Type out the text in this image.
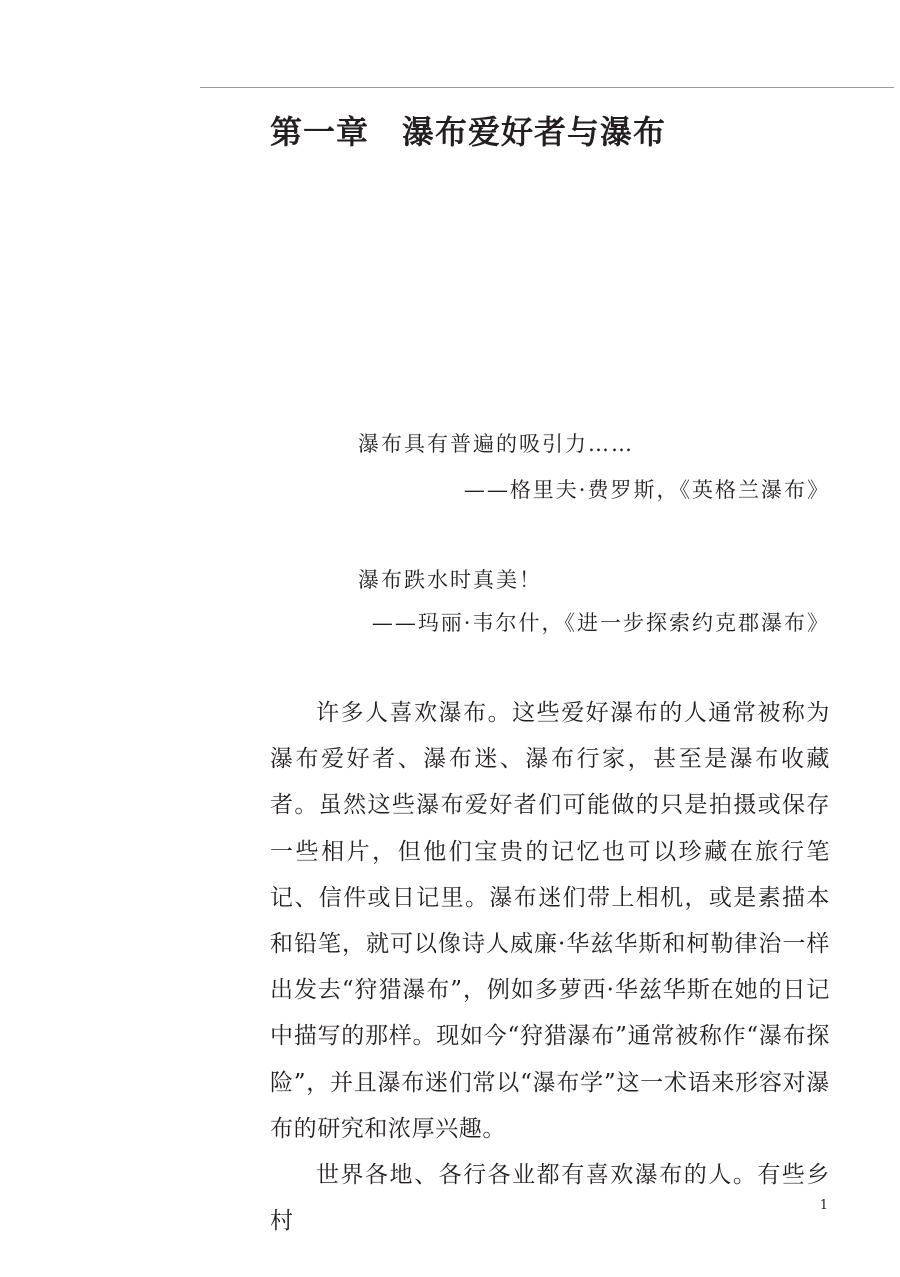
第一章　瀑布爱好者与瀑布

瀑布具有普遍的吸引力……

——格里夫·费罗斯，《英格兰瀑布》

瀑布跌水时真美！

——玛丽·韦尔什，《进一步探索约克郡瀑布》

许多人喜欢瀑布。这些爱好瀑布的人通常被称为瀑布爱好者、瀑布迷、瀑布行家，甚至是瀑布收藏者。虽然这些瀑布爱好者们可能做的只是拍摄或保存一些相片，但他们宝贵的记忆也可以珍藏在旅行笔记、信件或日记里。瀑布迷们带上相机，或是素描本和铅笔，就可以像诗人威廉·华兹华斯和柯勒律治一样出发去“狩猎瀑布”，例如多萝西·华兹华斯在她的日记中描写的那样。现如今“狩猎瀑布”通常被称作“瀑布探险”，并且瀑布迷们常以“瀑布学”这一术语来形容对瀑布的研究和浓厚兴趣。

世界各地、各行各业都有喜欢瀑布的人。有些乡村

1
